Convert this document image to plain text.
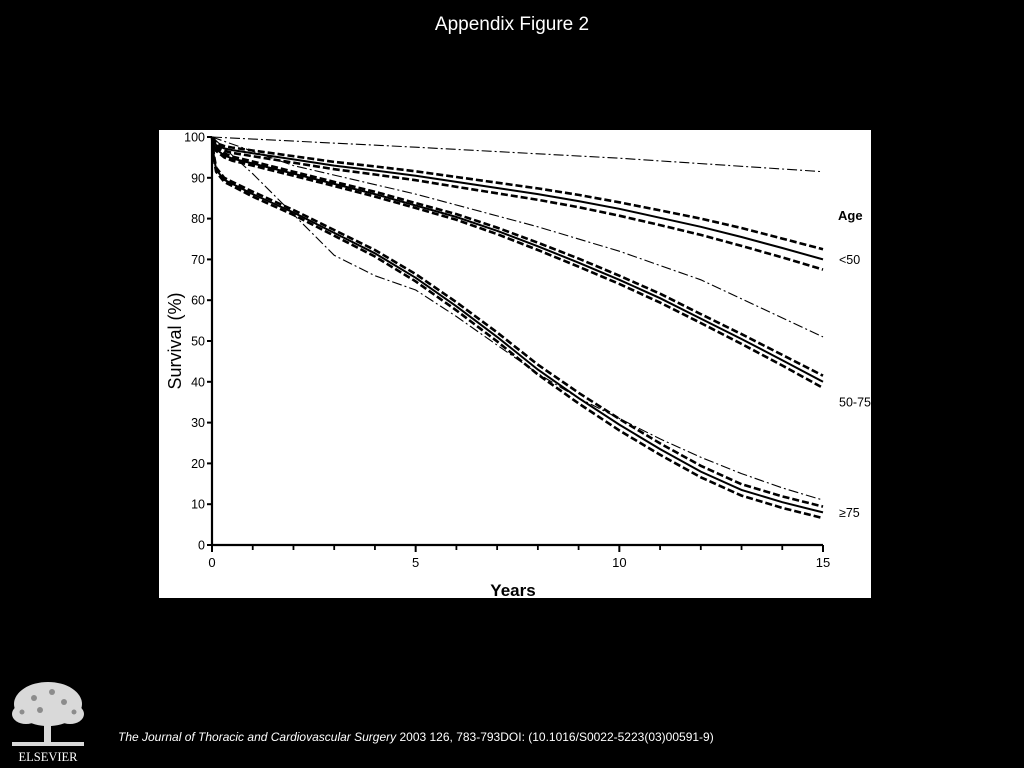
Appendix Figure 2
0
10
20
30
40
50
60
70
80
90
100
0	5	10	15
Survival (%)
Years
Age
<50
50-75
≥75
ELSEVIER
The Journal of Thoracic and Cardiovascular Surgery 2003 126, 783-793DOI: (10.1016/S0022-5223(03)00591-9)
